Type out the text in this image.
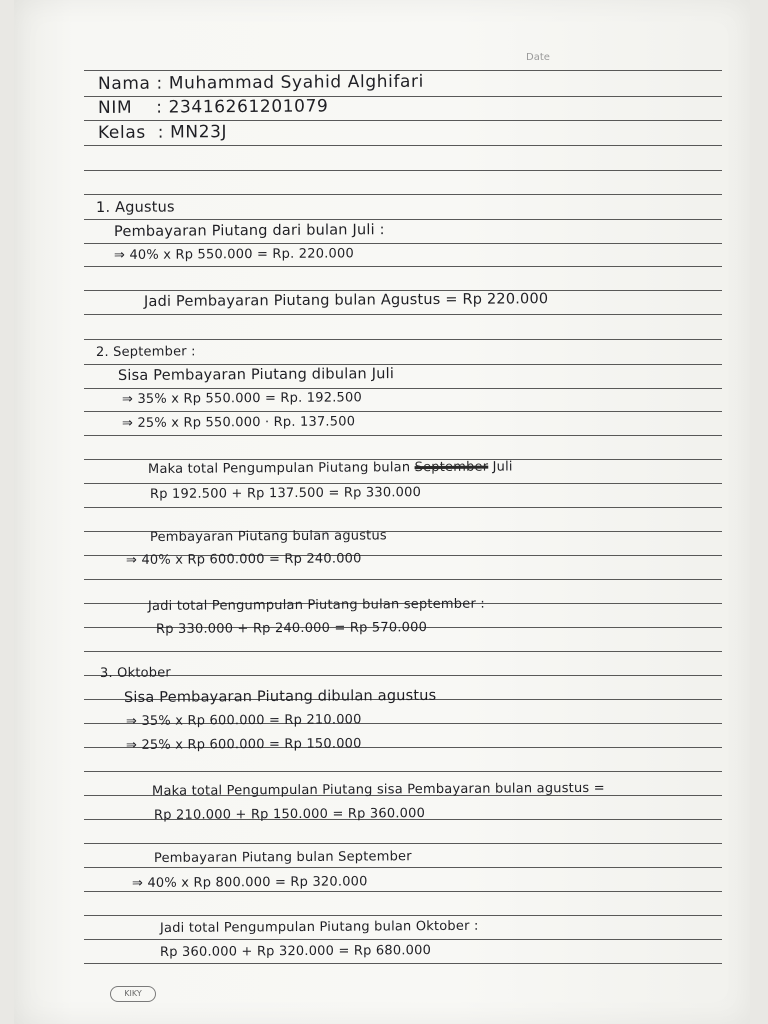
Date
Nama : Muhammad Syahid Alghifari
NIM    : 2341626120107​9
Kelas  : MN23J
1. Agustus
Pembayaran Piutang dari bulan Juli :
⇒ 40% x Rp 550.000 = Rp. 220.000
Jadi Pembayaran Piutang bulan Agustus = Rp 220.000
2. September :
Sisa Pembayaran Piutang dibulan Juli
⇒ 35% x Rp 550.000 = Rp. 192.500
⇒ 25% x Rp 550.000 · Rp. 137.500
Maka total Pengumpulan Piutang bulan September Juli
Rp 192.500 + Rp 137.500 = Rp 330.000
Pembayaran Piutang bulan agustus
⇒ 40% x Rp 600.000 = Rp 240.000
Jadi total Pengumpulan Piutang bulan september :
Rp 330.000 + Rp 240.000 = Rp 570.000
3. Oktober
Sisa Pembayaran Piutang dibulan agustus
⇒ 35% x Rp 600.000 = Rp 210.000
⇒ 25% x Rp 600.000 = Rp 150.000
Maka total Pengumpulan Piutang sisa Pembayaran bulan agustus =
Rp 210.000 + Rp 150.000 = Rp 360.000
Pembayaran Piutang bulan September
⇒ 40% x Rp 800.000 = Rp 320.000
Jadi total Pengumpulan Piutang bulan Oktober :
Rp 360.000 + Rp 320.000 = Rp 680.000
KIKY
